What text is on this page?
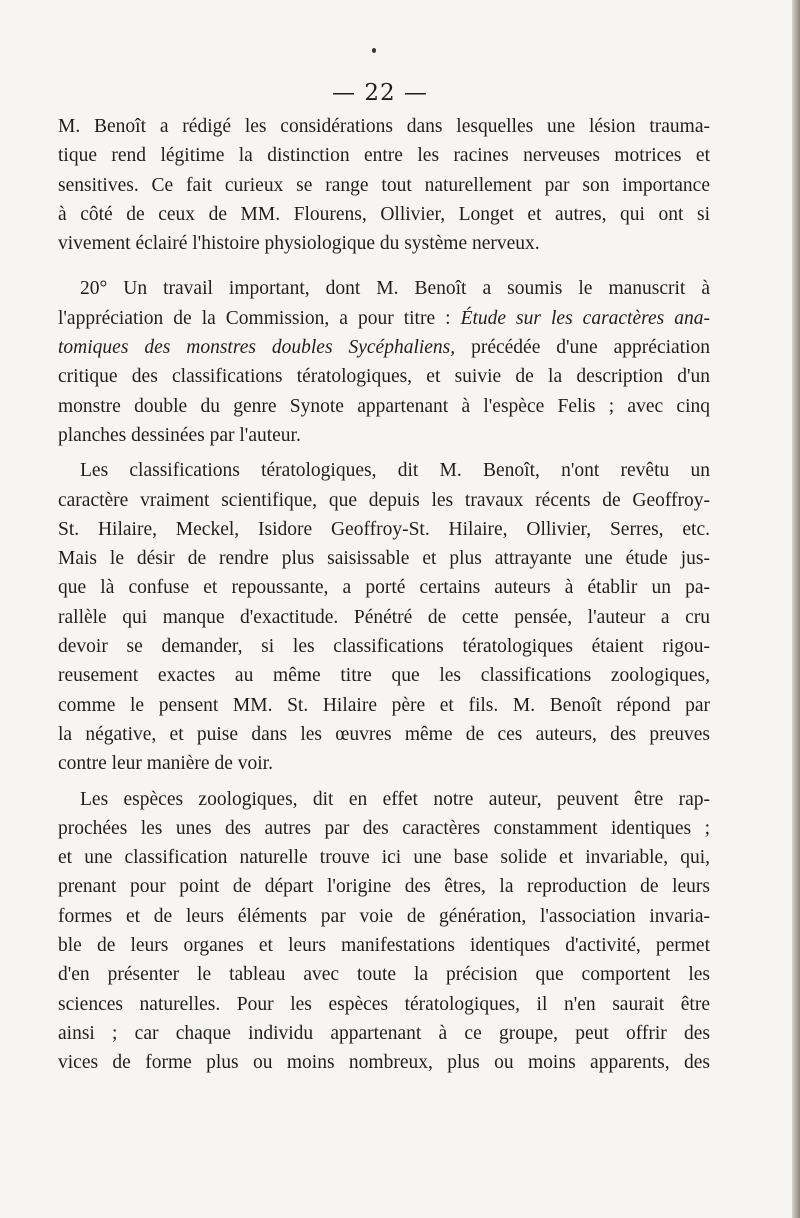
— 22 —
M. Benoît a rédigé les considérations dans lesquelles une lésion trauma-
tique rend légitime la distinction entre les racines nerveuses motrices et
sensitives. Ce fait curieux se range tout naturellement par son importance
à côté de ceux de MM. Flourens, Ollivier, Longet et autres, qui ont si
vivement éclairé l'histoire physiologique du système nerveux.
20° Un travail important, dont M. Benoît a soumis le manuscrit à
l'appréciation de la Commission, a pour titre : Étude sur les caractères ana-
tomiques des monstres doubles Sycéphaliens, précédée d'une appréciation
critique des classifications tératologiques, et suivie de la description d'un
monstre double du genre Synote appartenant à l'espèce Felis ; avec cinq
planches dessinées par l'auteur.
Les classifications tératologiques, dit M. Benoît, n'ont revêtu un
caractère vraiment scientifique, que depuis les travaux récents de Geoffroy-
St. Hilaire, Meckel, Isidore Geoffroy-St. Hilaire, Ollivier, Serres, etc.
Mais le désir de rendre plus saisissable et plus attrayante une étude jus-
que là confuse et repoussante, a porté certains auteurs à établir un pa-
rallèle qui manque d'exactitude. Pénétré de cette pensée, l'auteur a cru
devoir se demander, si les classifications tératologiques étaient rigou-
reusement exactes au même titre que les classifications zoologiques,
comme le pensent MM. St. Hilaire père et fils. M. Benoît répond par
la négative, et puise dans les œuvres même de ces auteurs, des preuves
contre leur manière de voir.
Les espèces zoologiques, dit en effet notre auteur, peuvent être rap-
prochées les unes des autres par des caractères constamment identiques ;
et une classification naturelle trouve ici une base solide et invariable, qui,
prenant pour point de départ l'origine des êtres, la reproduction de leurs
formes et de leurs éléments par voie de génération, l'association invaria-
ble de leurs organes et leurs manifestations identiques d'activité, permet
d'en présenter le tableau avec toute la précision que comportent les
sciences naturelles. Pour les espèces tératologiques, il n'en saurait être
ainsi ; car chaque individu appartenant à ce groupe, peut offrir des
vices de forme plus ou moins nombreux, plus ou moins apparents, des
